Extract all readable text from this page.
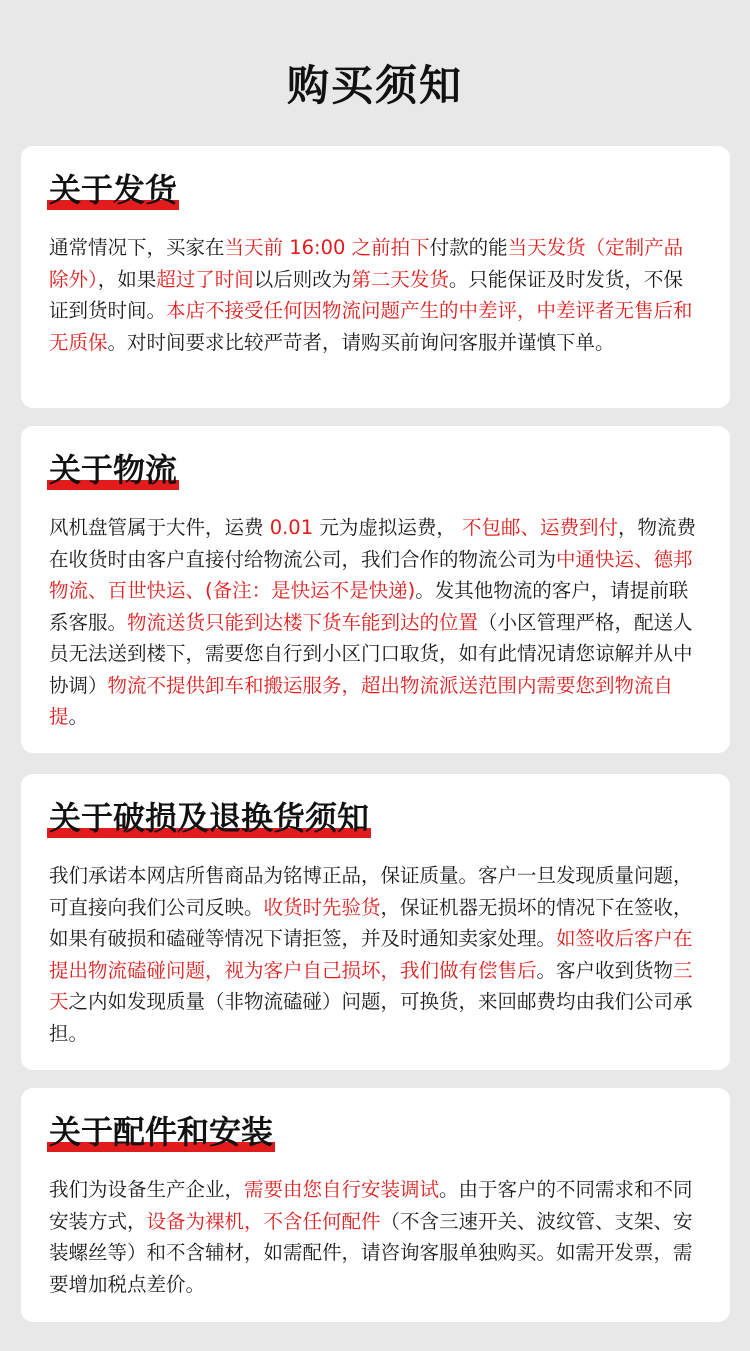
购买须知
关于发货

通常情况下，买家在当天前 16:00 之前拍下付款的能当天发货（定制产品除外），如果超过了时间以后则改为第二天发货。只能保证及时发货，不保证到货时间。本店不接受任何因物流问题产生的中差评，中差评者无售后和无质保。对时间要求比较严苛者，请购买前询问客服并谨慎下单。

关于物流

风机盘管属于大件，运费 0.01 元为虚拟运费， 不包邮、运费到付，物流费在收货时由客户直接付给物流公司，我们合作的物流公司为中通快运、德邦物流、百世快运、(备注：是快运不是快递)。发其他物流的客户，请提前联系客服。物流送货只能到达楼下货车能到达的位置（小区管理严格，配送人员无法送到楼下，需要您自行到小区门口取货，如有此情况请您谅解并从中协调）物流不提供卸车和搬运服务，超出物流派送范围内需要您到物流自提。

关于破损及退换货须知

我们承诺本网店所售商品为铭博正品，保证质量。客户一旦发现质量问题，可直接向我们公司反映。收货时先验货，保证机器无损坏的情况下在签收，如果有破损和磕碰等情况下请拒签，并及时通知卖家处理。如签收后客户在提出物流磕碰问题，视为客户自己损坏，我们做有偿售后。客户收到货物三天之内如发现质量（非物流磕碰）问题，可换货，来回邮费均由我们公司承担。

关于配件和安装

我们为设备生产企业，需要由您自行安装调试。由于客户的不同需求和不同安装方式，设备为裸机，不含任何配件（不含三速开关、波纹管、支架、安装螺丝等）和不含辅材，如需配件，请咨询客服单独购买。如需开发票，需要增加税点差价。
